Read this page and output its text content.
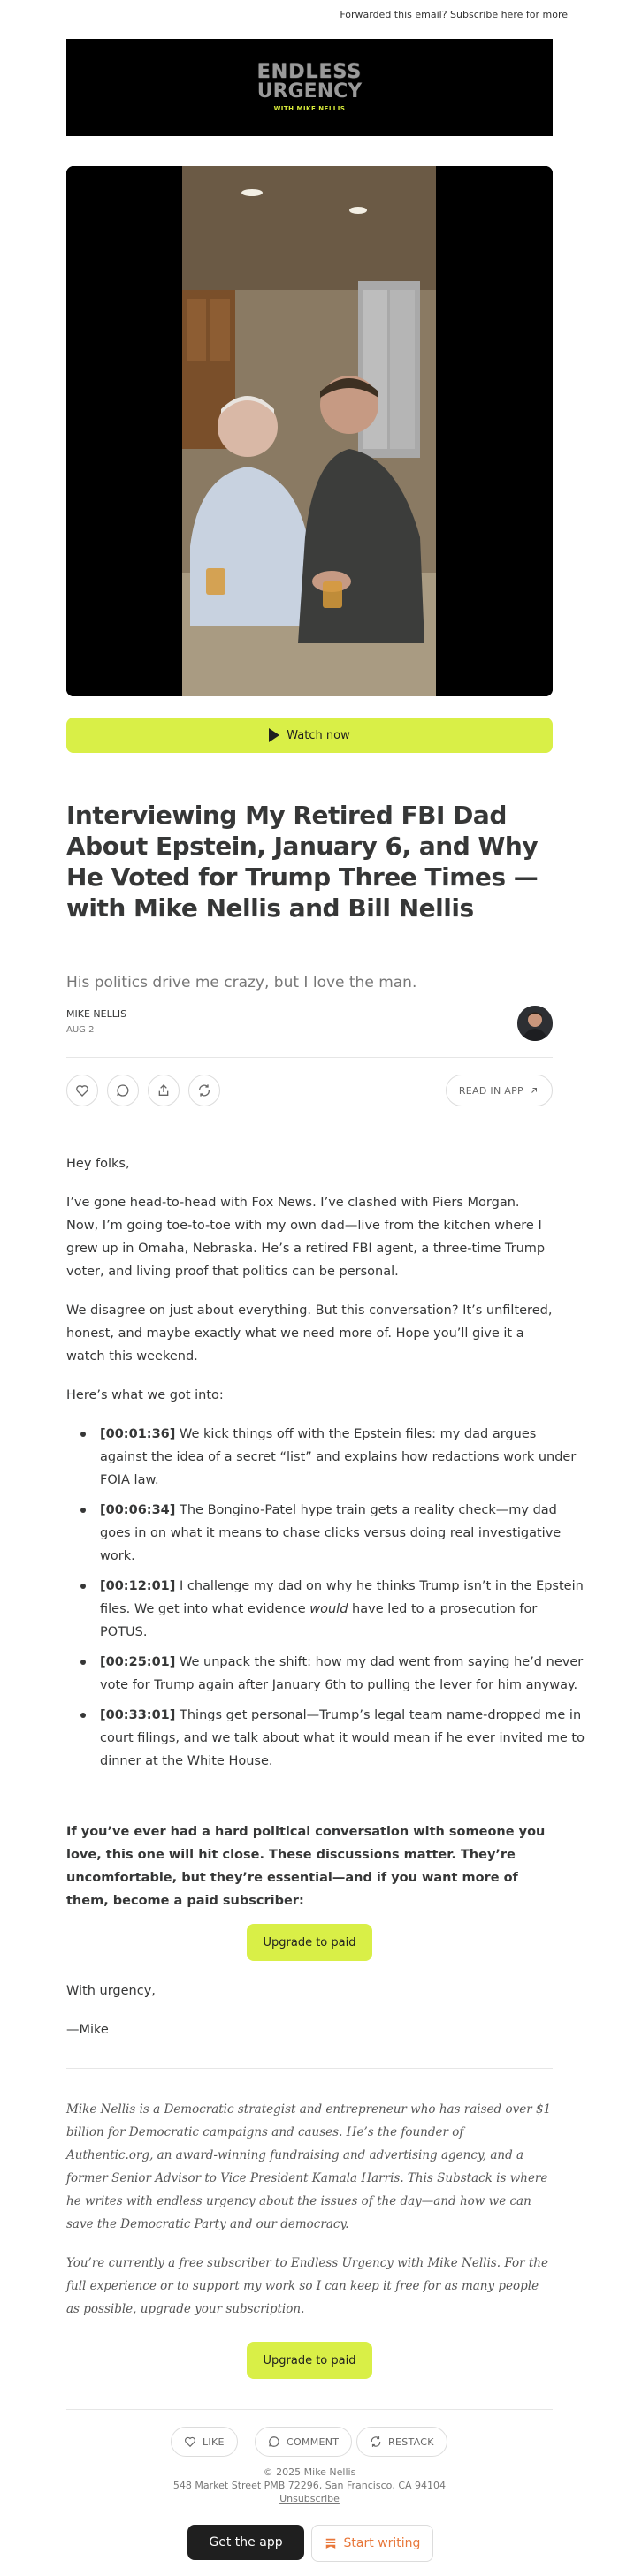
Forwarded this email? Subscribe here for more
ENDLESS
URGENCY
WITH MIKE NELLIS
Watch now
Interviewing My Retired FBI Dad About Epstein, January 6, and Why He Voted for Trump Three Times — with Mike Nellis and Bill Nellis
His politics drive me crazy, but I love the man.
MIKE NELLIS
AUG 2
READ IN APP

Hey folks,

I’ve gone head-to-head with Fox News. I’ve clashed with Piers Morgan. Now, I’m going toe-to-toe with my own dad—live from the kitchen where I grew up in Omaha, Nebraska. He’s a retired FBI agent, a three-time Trump voter, and living proof that politics can be personal.

We disagree on just about everything. But this conversation? It’s unfiltered, honest, and maybe exactly what we need more of. Hope you’ll give it a watch this weekend.

Here’s what we got into:

[00:01:36] We kick things off with the Epstein files: my dad argues against the idea of a secret “list” and explains how redactions work under FOIA law.
[00:06:34] The Bongino-Patel hype train gets a reality check—my dad goes in on what it means to chase clicks versus doing real investigative work.
[00:12:01] I challenge my dad on why he thinks Trump isn’t in the Epstein files. We get into what evidence would have led to a prosecution for POTUS.
[00:25:01] We unpack the shift: how my dad went from saying he’d never vote for Trump again after January 6th to pulling the lever for him anyway.
[00:33:01] Things get personal—Trump’s legal team name-dropped me in court filings, and we talk about what it would mean if he ever invited me to dinner at the White House.

If you’ve ever had a hard political conversation with someone you love, this one will hit close. These discussions matter. They’re uncomfortable, but they’re essential—and if you want more of them, become a paid subscriber:

Upgrade to paid

With urgency,

—Mike

Mike Nellis is a Democratic strategist and entrepreneur who has raised over $1 billion for Democratic campaigns and causes. He’s the founder of Authentic.org, an award-winning fundraising and advertising agency, and a former Senior Advisor to Vice President Kamala Harris. This Substack is where he writes with endless urgency about the issues of the day—and how we can save the Democratic Party and our democracy.

You’re currently a free subscriber to Endless Urgency with Mike Nellis. For the full experience or to support my work so I can keep it free for as many people as possible, upgrade your subscription.

Upgrade to paid
LIKE	COMMENT	RESTACK
© 2025 Mike Nellis
548 Market Street PMB 72296, San Francisco, CA 94104
Unsubscribe
Get the app	Start writing
